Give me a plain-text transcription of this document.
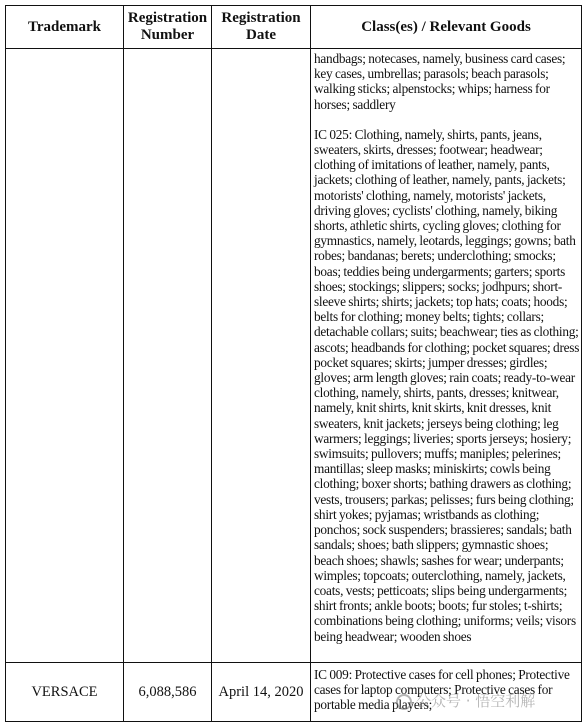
Trademark	Registration Number	Registration Date	Class(es) / Relevant Goods

			handbags; notecases, namely, business card cases; key cases, umbrellas; parasols; beach parasols; walking sticks; alpenstocks; whips; harness for horses; saddlery
IC 025: Clothing, namely, shirts, pants, jeans, sweaters, skirts, dresses; footwear; headwear; clothing of imitations of leather, namely, pants, jackets; clothing of leather, namely, pants, jackets; motorists' clothing, namely, motorists' jackets, driving gloves; cyclists' clothing, namely, biking shorts, athletic shirts, cycling gloves; clothing for gymnastics, namely, leotards, leggings; gowns; bath robes; bandanas; berets; underclothing; smocks; boas; teddies being undergarments; garters; sports shoes; stockings; slippers; socks; jodhpurs; short-sleeve shirts; shirts; jackets; top hats; coats; hoods; belts for clothing; money belts; tights; collars; detachable collars; suits; beachwear; ties as clothing; ascots; headbands for clothing; pocket squares; dress pocket squares; skirts; jumper dresses; girdles; gloves; arm length gloves; rain coats; ready-to-wear clothing, namely, shirts, pants, dresses; knitwear, namely, knit shirts, knit skirts, knit dresses, knit sweaters, knit jackets; jerseys being clothing; leg warmers; leggings; liveries; sports jerseys; hosiery; swimsuits; pullovers; muffs; maniples; pelerines; mantillas; sleep masks; miniskirts; cowls being clothing; boxer shorts; bathing drawers as clothing; vests, trousers; parkas; pelisses; furs being clothing; shirt yokes; pyjamas; wristbands as clothing; ponchos; sock suspenders; brassieres; sandals; bath sandals; shoes; bath slippers; gymnastic shoes; beach shoes; shawls; sashes for wear; underpants; wimples; topcoats; outerclothing, namely, jackets, coats, vests; petticoats; slips being undergarments; shirt fronts; ankle boots; boots; fur stoles; t-shirts; combinations being clothing; uniforms; veils; visors being headwear; wooden shoes

VERSACE	6,088,586	April 14, 2020	IC 009: Protective cases for cell phones; Protective cases for laptop computers; Protective cases for portable media players;
公众号 · 悟空利解
